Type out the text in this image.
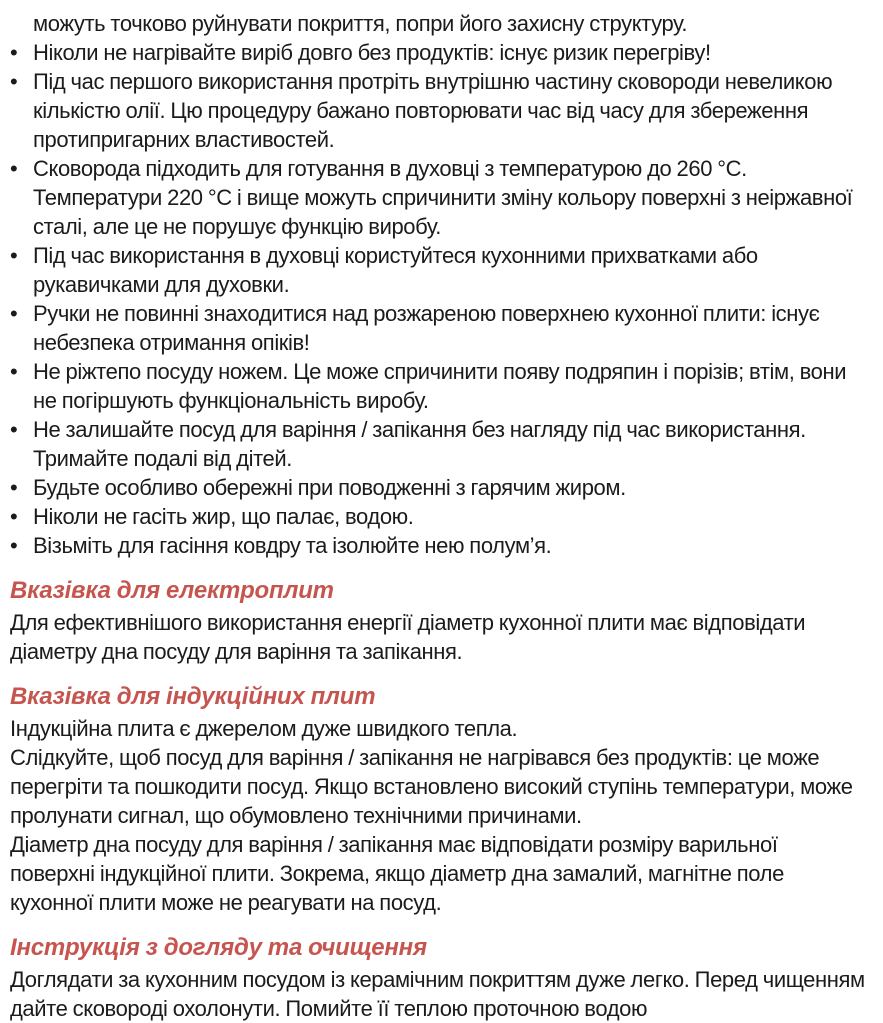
можуть точково руйнувати покриття, попри його захисну структуру.

• Ніколи не нагрівайте виріб довго без продуктів: існує ризик перегріву!
• Під час першого використання протріть внутрішню частину сковороди невеликою кількістю олії. Цю процедуру бажано повторювати час від часу для збереження протипригарних властивостей.
• Сковорода підходить для готування в духовці з температурою до 260 °C. Температури 220 °C і вище можуть спричинити зміну кольору поверхні з неіржавної сталі, але це не порушує функцію виробу.
• Під час використання в духовці користуйтеся кухонними прихватками або рукавичками для духовки.
• Ручки не повинні знаходитися над розжареною поверхнею кухонної плити: існує небезпека отримання опіків!
• Не ріжтепо посуду ножем. Це може спричинити появу подряпин і порізів; втім, вони не погіршують функціональність виробу.
• Не залишайте посуд для варіння / запікання без нагляду під час використання. Тримайте подалі від дітей.
• Будьте особливо обережні при поводженні з гарячим жиром.
• Ніколи не гасіть жир, що палає, водою.
• Візьміть для гасіння ковдру та ізолюйте нею полум’я.
Вказівка для електроплит

Для ефективнішого використання енергії діаметр кухонної плити має відповідати діаметру дна посуду для варіння та запікання.

Вказівка для індукційних плит

Індукційна плита є джерелом дуже швидкого тепла.

Слідкуйте, щоб посуд для варіння / запікання не нагрівався без продуктів: це може перегріти та пошкодити посуд. Якщо встановлено високий ступінь температури, може пролунати сигнал, що обумовлено технічними причинами.

Діаметр дна посуду для варіння / запікання має відповідати розміру варильної поверхні індукційної плити. Зокрема, якщо діаметр дна замалий, магнітне поле кухонної плити може не реагувати на посуд.

Інструкція з догляду та очищення

Доглядати за кухонним посудом із керамічним покриттям дуже легко. Перед чищенням дайте сковороді охолонути. Помийте її теплою проточною водою
